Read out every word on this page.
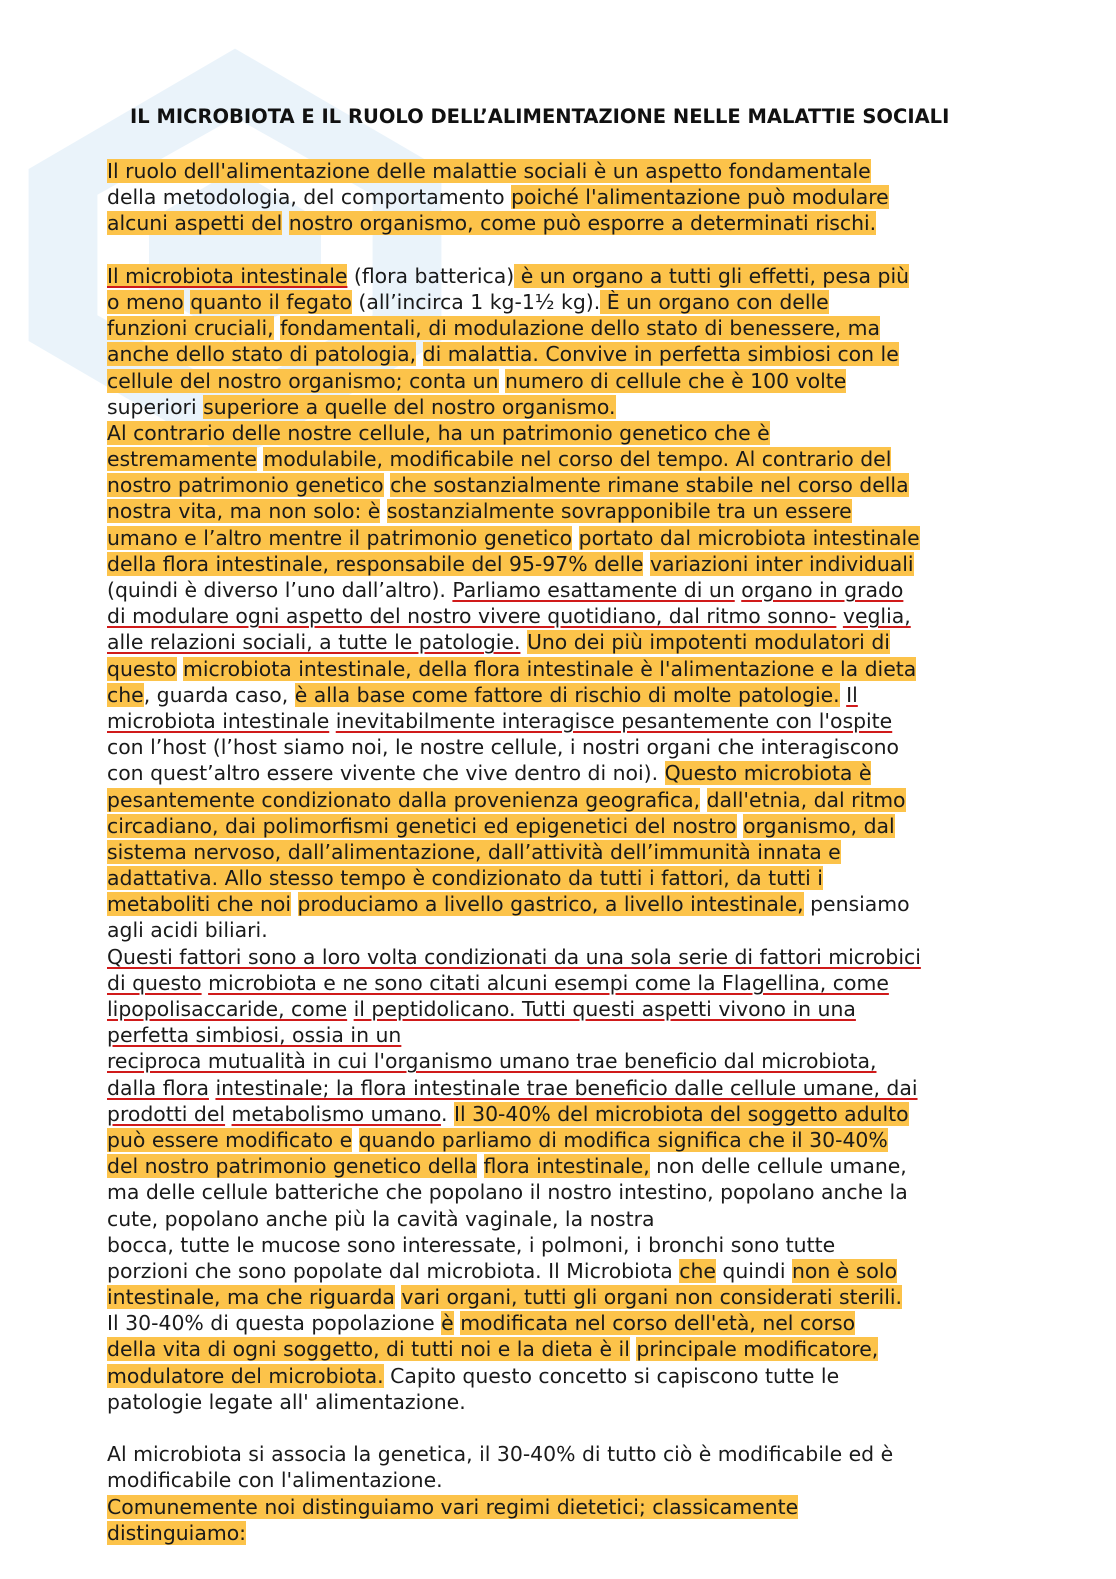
IL MICROBIOTA E IL RUOLO DELL’ALIMENTAZIONE NELLE MALATTIE SOCIALI
Il ruolo dell'alimentazione delle malattie sociali è un aspetto fondamentale
della metodologia, del comportamento poiché l'alimentazione può modulare
alcuni aspetti del nostro organismo, come può esporre a determinati rischi.
Il microbiota intestinale (flora batterica) è un organo a tutti gli effetti, pesa più
o meno quanto il fegato (all’incirca 1 kg-1½ kg). È un organo con delle
funzioni cruciali, fondamentali, di modulazione dello stato di benessere, ma
anche dello stato di patologia, di malattia. Convive in perfetta simbiosi con le
cellule del nostro organismo; conta un numero di cellule che è 100 volte
superiori superiore a quelle del nostro organismo.
Al contrario delle nostre cellule, ha un patrimonio genetico che è
estremamente modulabile, modificabile nel corso del tempo. Al contrario del
nostro patrimonio genetico che sostanzialmente rimane stabile nel corso della
nostra vita, ma non solo: è sostanzialmente sovrapponibile tra un essere
umano e l’altro mentre il patrimonio genetico portato dal microbiota intestinale
della flora intestinale, responsabile del 95-97% delle variazioni inter individuali
(quindi è diverso l’uno dall’altro). Parliamo esattamente di un organo in grado
di modulare ogni aspetto del nostro vivere quotidiano, dal ritmo sonno- veglia,
alle relazioni sociali, a tutte le patologie. Uno dei più impotenti modulatori di
questo microbiota intestinale, della flora intestinale è l'alimentazione e la dieta
che, guarda caso, è alla base come fattore di rischio di molte patologie. Il
microbiota intestinale inevitabilmente interagisce pesantemente con l'ospite
con l’host (l’host siamo noi, le nostre cellule, i nostri organi che interagiscono
con quest’altro essere vivente che vive dentro di noi). Questo microbiota è
pesantemente condizionato dalla provenienza geografica, dall'etnia, dal ritmo
circadiano, dai polimorfismi genetici ed epigenetici del nostro organismo, dal
sistema nervoso, dall’alimentazione, dall’attività dell’immunità innata e
adattativa. Allo stesso tempo è condizionato da tutti i fattori, da tutti i
metaboliti che noi produciamo a livello gastrico, a livello intestinale, pensiamo
agli acidi biliari.
Questi fattori sono a loro volta condizionati da una sola serie di fattori microbici
di questo microbiota e ne sono citati alcuni esempi come la Flagellina, come
lipopolisaccaride, come il peptidolicano. Tutti questi aspetti vivono in una
perfetta simbiosi, ossia in un
reciproca mutualità in cui l'organismo umano trae beneficio dal microbiota,
dalla flora intestinale; la flora intestinale trae beneficio dalle cellule umane, dai
prodotti del metabolismo umano. Il 30-40% del microbiota del soggetto adulto
può essere modificato e quando parliamo di modifica significa che il 30-40%
del nostro patrimonio genetico della flora intestinale, non delle cellule umane,
ma delle cellule batteriche che popolano il nostro intestino, popolano anche la
cute, popolano anche più la cavità vaginale, la nostra
bocca, tutte le mucose sono interessate, i polmoni, i bronchi sono tutte
porzioni che sono popolate dal microbiota. Il Microbiota che quindi non è solo
intestinale, ma che riguarda vari organi, tutti gli organi non considerati sterili.
Il 30-40% di questa popolazione è modificata nel corso dell'età, nel corso
della vita di ogni soggetto, di tutti noi e la dieta è il principale modificatore,
modulatore del microbiota. Capito questo concetto si capiscono tutte le
patologie legate all' alimentazione.
Al microbiota si associa la genetica, il 30-40% di tutto ciò è modificabile ed è
modificabile con l'alimentazione.
Comunemente noi distinguiamo vari regimi dietetici; classicamente
distinguiamo:
